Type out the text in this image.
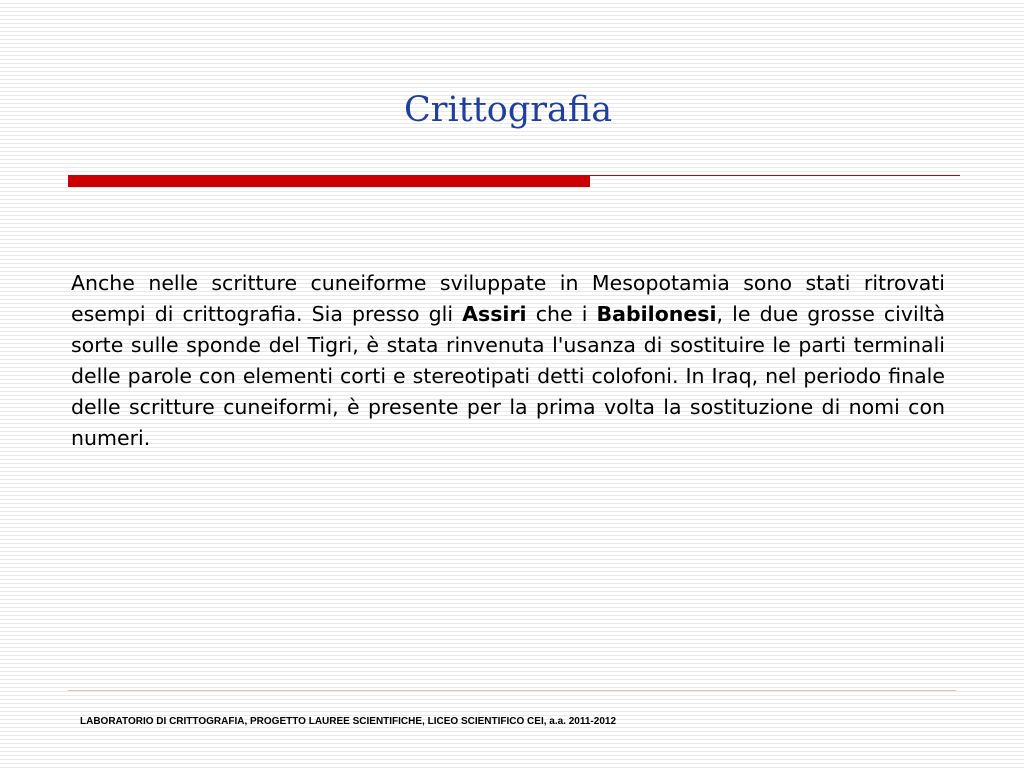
Crittografia
Anche nelle scritture cuneiforme sviluppate in Mesopotamia sono stati ritrovati esempi di crittografia. Sia presso gli Assiri che i Babilonesi, le due grosse civiltà sorte sulle sponde del Tigri, è stata rinvenuta l'usanza di sostituire le parti terminali delle parole con elementi corti e stereotipati detti colofoni. In Iraq, nel periodo finale delle scritture cuneiformi, è presente per la prima volta la sostituzione di nomi con numeri.
LABORATORIO DI CRITTOGRAFIA, PROGETTO LAUREE SCIENTIFICHE, LICEO SCIENTIFICO CEI, a.a. 2011-2012
